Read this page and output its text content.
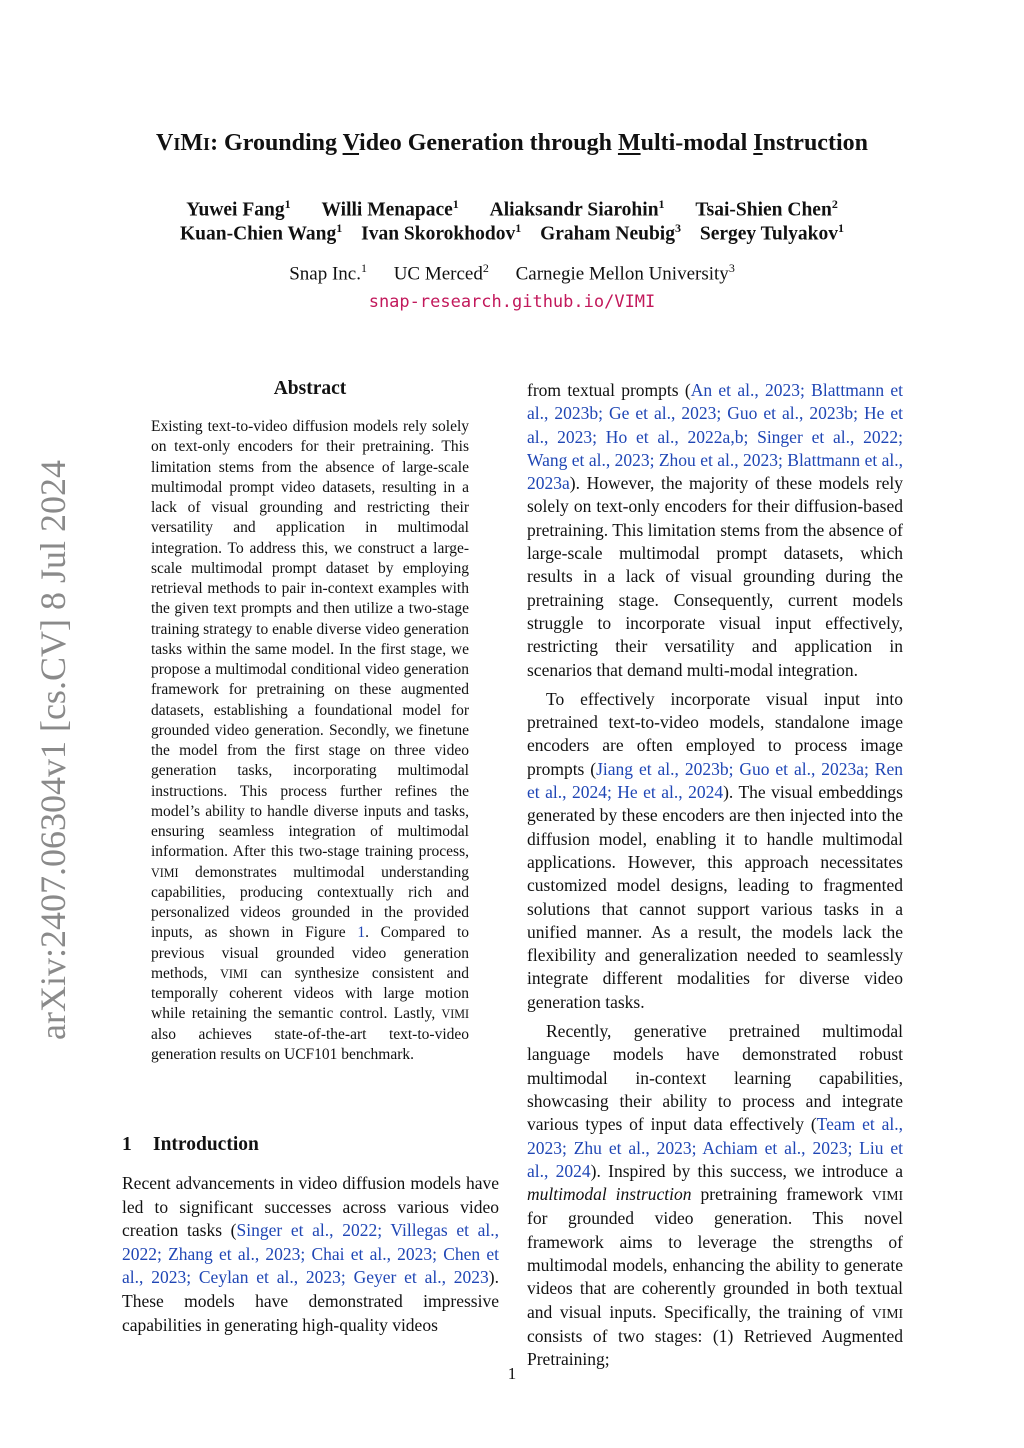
arXiv:2407.06304v1 [cs.CV] 8 Jul 2024
VIMI: Grounding Video Generation through Multi-modal Instruction
Yuwei Fang$^1$ Willi Menapace$^1$ Aliaksandr Siarohin$^1$ Tsai-Shien Chen$^2$
Kuan-Chien Wang$^1$ Ivan Skorokhodov$^1$ Graham Neubig$^3$ Sergey Tulyakov$^1$
Snap Inc.$^1$ UC Merced$^2$ Carnegie Mellon University$^3$
snap-research.github.io/VIMI
Abstract
Existing text-to-video diffusion models rely solely on text-only encoders for their pretraining. This limitation stems from the absence of large-scale multimodal prompt video datasets, resulting in a lack of visual grounding and restricting their versatility and application in multimodal integration. To address this, we construct a large-scale multimodal prompt dataset by employing retrieval methods to pair in-context examples with the given text prompts and then utilize a two-stage training strategy to enable diverse video generation tasks within the same model. In the first stage, we propose a multimodal conditional video generation framework for pretraining on these augmented datasets, establishing a foundational model for grounded video generation. Secondly, we finetune the model from the first stage on three video generation tasks, incorporating multimodal instructions. This process further refines the model’s ability to handle diverse inputs and tasks, ensuring seamless integration of multimodal information. After this two-stage training process, VIMI demonstrates multimodal understanding capabilities, producing contextually rich and personalized videos grounded in the provided inputs, as shown in Figure 1. Compared to previous visual grounded video generation methods, VIMI can synthesize consistent and temporally coherent videos with large motion while retaining the semantic control. Lastly, VIMI also achieves state-of-the-art text-to-video generation results on UCF101 benchmark.
1 Introduction
Recent advancements in video diffusion models have led to significant successes across various video creation tasks (Singer et al., 2022; Villegas et al., 2022; Zhang et al., 2023; Chai et al., 2023; Chen et al., 2023; Ceylan et al., 2023; Geyer et al., 2023). These models have demonstrated impressive capabilities in generating high-quality videos

from textual prompts (An et al., 2023; Blattmann et al., 2023b; Ge et al., 2023; Guo et al., 2023b; He et al., 2023; Ho et al., 2022a,b; Singer et al., 2022; Wang et al., 2023; Zhou et al., 2023; Blattmann et al., 2023a). However, the majority of these models rely solely on text-only encoders for their diffusion-based pretraining. This limitation stems from the absence of large-scale multimodal prompt datasets, which results in a lack of visual grounding during the pretraining stage. Consequently, current models struggle to incorporate visual input effectively, restricting their versatility and application in scenarios that demand multi-modal integration.

To effectively incorporate visual input into pretrained text-to-video models, standalone image encoders are often employed to process image prompts (Jiang et al., 2023b; Guo et al., 2023a; Ren et al., 2024; He et al., 2024). The visual embeddings generated by these encoders are then injected into the diffusion model, enabling it to handle multimodal applications. However, this approach necessitates customized model designs, leading to fragmented solutions that cannot support various tasks in a unified manner. As a result, the models lack the flexibility and generalization needed to seamlessly integrate different modalities for diverse video generation tasks.

Recently, generative pretrained multimodal language models have demonstrated robust multimodal in-context learning capabilities, showcasing their ability to process and integrate various types of input data effectively (Team et al., 2023; Zhu et al., 2023; Achiam et al., 2023; Liu et al., 2024). Inspired by this success, we introduce a multimodal instruction pretraining framework VIMI for grounded video generation. This novel framework aims to leverage the strengths of multimodal models, enhancing the ability to generate videos that are coherently grounded in both textual and visual inputs. Specifically, the training of VIMI consists of two stages: (1) Retrieved Augmented Pretraining;

1
